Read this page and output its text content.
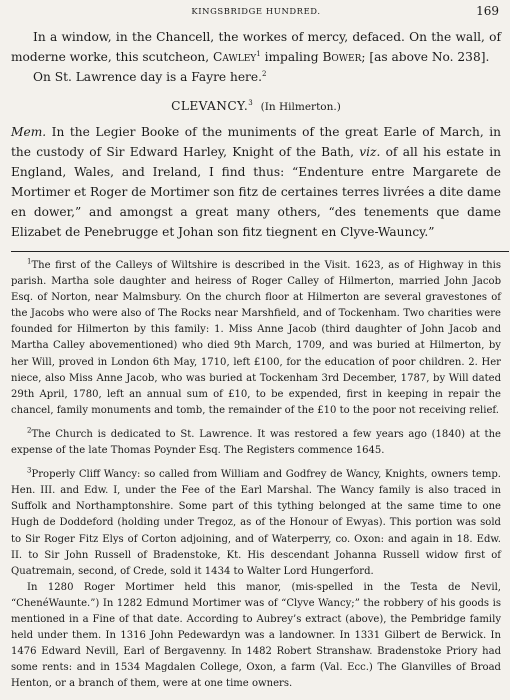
KINGSBRIDGE HUNDRED.	169

In a window, in the Chancell, the workes of mercy, defaced. On the wall, of moderne worke, this scutcheon, Cawley$^1$ impaling Bower; [as above No. 238].

On St. Lawrence day is a Fayre here.$^2$

CLEVANCY.$^3$ (In Hilmerton.)

Mem. In the Legier Booke of the muniments of the great Earle of March, in the custody of Sir Edward Harley, Knight of the Bath, viz. of all his estate in England, Wales, and Ireland, I find thus: “Endenture entre Margarete de Mortimer et Roger de Mortimer son fitz de certaines terres livrées a dite dame en dower,” and amongst a great many others, “des tenements que dame Elizabet de Penebrugge et Johan son fitz tiegnent en Clyve-Wauncy.”

$^1$The first of the Calleys of Wiltshire is described in the Visit. 1623, as of Highway in this parish. Martha sole daughter and heiress of Roger Calley of Hilmerton, married John Jacob Esq. of Norton, near Malmsbury. On the church floor at Hilmerton are several gravestones of the Jacobs who were also of The Rocks near Marshfield, and of Tockenham. Two charities were founded for Hilmerton by this family: 1. Miss Anne Jacob (third daughter of John Jacob and Martha Calley abovementioned) who died 9th March, 1709, and was buried at Hilmerton, by her Will, proved in London 6th May, 1710, left £100, for the education of poor children. 2. Her niece, also Miss Anne Jacob, who was buried at Tockenham 3rd December, 1787, by Will dated 29th April, 1780, left an annual sum of £10, to be expended, first in keeping in repair the chancel, family monuments and tomb, the remainder of the £10 to the poor not receiving relief.

$^2$The Church is dedicated to St. Lawrence. It was restored a few years ago (1840) at the expense of the late Thomas Poynder Esq. The Registers commence 1645.

$^3$Properly Cliff Wancy: so called from William and Godfrey de Wancy, Knights, owners temp. Hen. III. and Edw. I, under the Fee of the Earl Marshal. The Wancy family is also traced in Suffolk and Northamptonshire. Some part of this tything belonged at the same time to one Hugh de Doddeford (holding under Tregoz, as of the Honour of Ewyas). This portion was sold to Sir Roger Fitz Elys of Corton adjoining, and of Waterperry, co. Oxon: and again in 18. Edw. II. to Sir John Russell of Bradenstoke, Kt. His descendant Johanna Russell widow first of Quatremain, second, of Crede, sold it 1434 to Walter Lord Hungerford.

In 1280 Roger Mortimer held this manor, (mis-spelled in the Testa de Nevil, “ChenéWaunte.”) In 1282 Edmund Mortimer was of “Clyve Wancy;” the robbery of his goods is mentioned in a Fine of that date. According to Aubrey’s extract (above), the Pembridge family held under them. In 1316 John Pedewardyn was a landowner. In 1331 Gilbert de Berwick. In 1476 Edward Nevill, Earl of Bergavenny. In 1482 Robert Stranshaw. Bradenstoke Priory had some rents: and in 1534 Magdalen College, Oxon, a farm (Val. Ecc.) The Glanvilles of Broad Henton, or a branch of them, were at one time owners.
